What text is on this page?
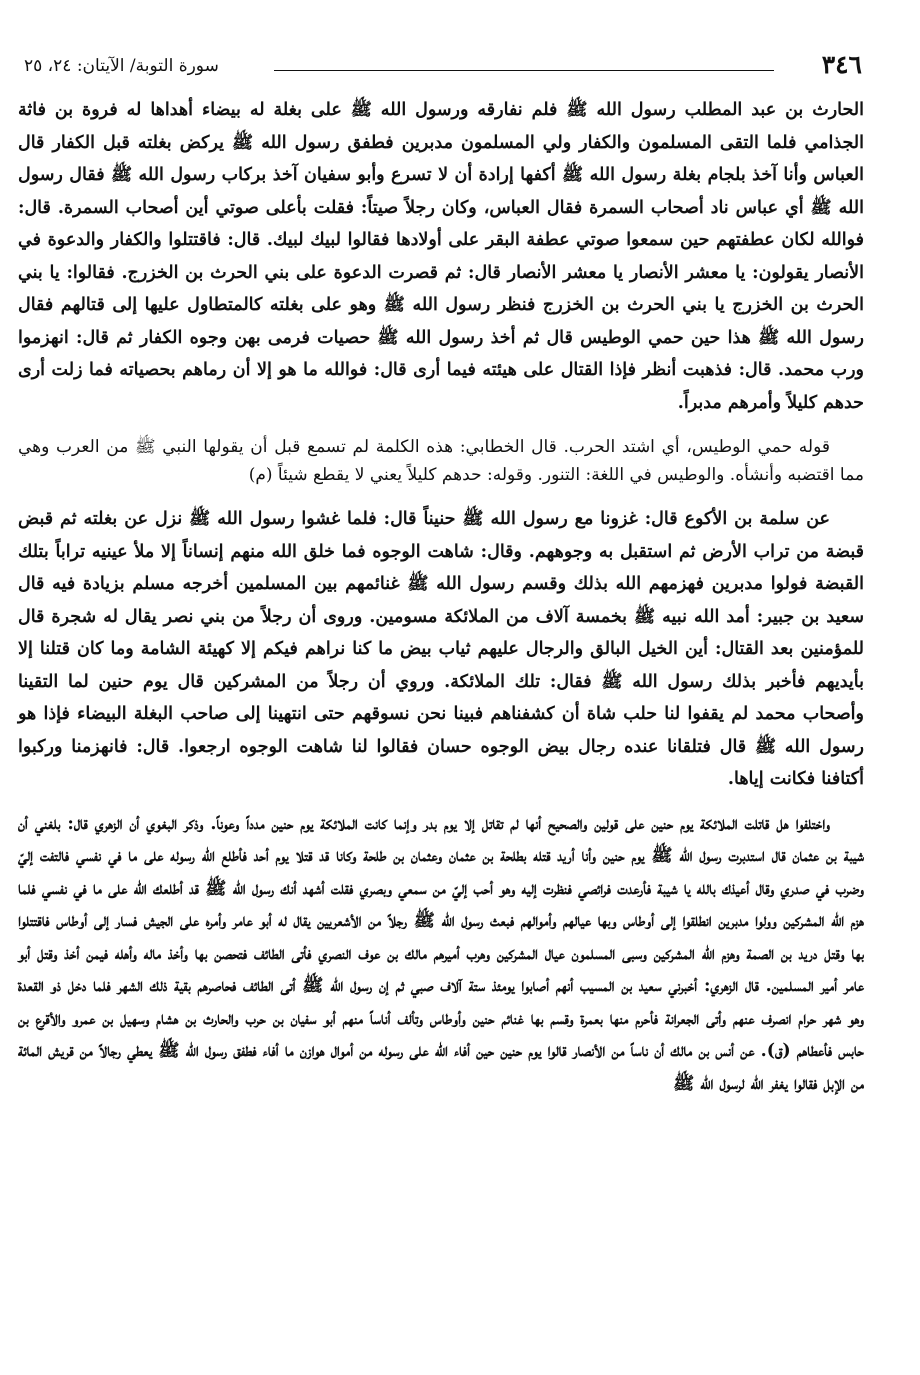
٣٤٦
سورة التوبة/ الآيتان: ٢٤، ٢٥

الحارث بن عبد المطلب رسول الله ﷺ فلم نفارقه ورسول الله ﷺ على بغلة له بيضاء أهداها له فروة بن فاثة الجذامي فلما التقى المسلمون والكفار ولي المسلمون مدبرين فطفق رسول الله ﷺ يركض بغلته قبل الكفار قال العباس وأنا آخذ بلجام بغلة رسول الله ﷺ أكفها إرادة أن لا تسرع وأبو سفيان آخذ بركاب رسول الله ﷺ فقال رسول الله ﷺ أي عباس ناد أصحاب السمرة فقال العباس، وكان رجلاً صيتاً: فقلت بأعلى صوتي أين أصحاب السمرة. قال: فوالله لكان عطفتهم حين سمعوا صوتي عطفة البقر على أولادها فقالوا لبيك لبيك. قال: فاقتتلوا والكفار والدعوة في الأنصار يقولون: يا معشر الأنصار يا معشر الأنصار قال: ثم قصرت الدعوة على بني الحرث بن الخزرج. فقالوا: يا بني الحرث بن الخزرج يا بني الحرث بن الخزرج فنظر رسول الله ﷺ وهو على بغلته كالمتطاول عليها إلى قتالهم فقال رسول الله ﷺ هذا حين حمي الوطيس قال ثم أخذ رسول الله ﷺ حصيات فرمى بهن وجوه الكفار ثم قال: انهزموا ورب محمد. قال: فذهبت أنظر فإذا القتال على هيئته فيما أرى قال: فوالله ما هو إلا أن رماهم بحصياته فما زلت أرى حدهم كليلاً وأمرهم مدبراً.

قوله حمي الوطيس، أي اشتد الحرب. قال الخطابي: هذه الكلمة لم تسمع قبل أن يقولها النبي ﷺ من العرب وهي مما اقتضبه وأنشأه. والوطيس في اللغة: التنور. وقوله: حدهم كليلاً يعني لا يقطع شيئاً (م)

عن سلمة بن الأكوع قال: غزونا مع رسول الله ﷺ حنيناً قال: فلما غشوا رسول الله ﷺ نزل عن بغلته ثم قبض قبضة من تراب الأرض ثم استقبل به وجوههم. وقال: شاهت الوجوه فما خلق الله منهم إنساناً إلا ملأ عينيه تراباً بتلك القبضة فولوا مدبرين فهزمهم الله بذلك وقسم رسول الله ﷺ غنائمهم بين المسلمين أخرجه مسلم بزيادة فيه قال سعيد بن جبير: أمد الله نبيه ﷺ بخمسة آلاف من الملائكة مسومين. وروى أن رجلاً من بني نصر يقال له شجرة قال للمؤمنين بعد القتال: أين الخيل البالق والرجال عليهم ثياب بيض ما كنا نراهم فيكم إلا كهيئة الشامة وما كان قتلنا إلا بأيديهم فأخبر بذلك رسول الله ﷺ فقال: تلك الملائكة. وروي أن رجلاً من المشركين قال يوم حنين لما التقينا وأصحاب محمد لم يقفوا لنا حلب شاة أن كشفناهم فبينا نحن نسوقهم حتى انتهينا إلى صاحب البغلة البيضاء فإذا هو رسول الله ﷺ قال فتلقانا عنده رجال بيض الوجوه حسان فقالوا لنا شاهت الوجوه ارجعوا. قال: فانهزمنا وركبوا أكتافنا فكانت إياها.

واختلفوا هل قاتلت الملائكة يوم حنين على قولين والصحيح أنها لم تقاتل إلا يوم بدر وإنما كانت الملائكة يوم حنين مدداً وعوناً. وذكر البغوي أن الزهري قال: بلغني أن شيبة بن عثمان قال استدبرت رسول الله ﷺ يوم حنين وأنا أريد قتله بطلحة بن عثمان وعثمان بن طلحة وكانا قد قتلا يوم أحد فأطلع الله رسوله على ما في نفسي فالتفت إليّ وضرب في صدري وقال أعيذك بالله يا شيبة فأرعدت فرائصي فنظرت إليه وهو أحب إليّ من سمعي وبصري فقلت أشهد أنك رسول الله ﷺ قد أطلعك الله على ما في نفسي فلما هزم الله المشركين وولوا مدبرين انطلقوا إلى أوطاس وبها عيالهم وأموالهم فبعث رسول الله ﷺ رجلاً من الأشعريين يقال له أبو عامر وأمره على الجيش فسار إلى أوطاس فاقتتلوا بها وقتل دريد بن الصمة وهزم الله المشركين وسبى المسلمون عيال المشركين وهرب أميرهم مالك بن عوف النصري فأتى الطائف فتحصن بها وأخذ ماله وأهله فيمن أخذ وقتل أبو عامر أمير المسلمين. قال الزهري: أخبرني سعيد بن المسيب أنهم أصابوا يومئذ ستة آلاف صبي ثم إن رسول الله ﷺ أتى الطائف فحاصرهم بقية ذلك الشهر فلما دخل ذو القعدة وهو شهر حرام انصرف عنهم وأتى الجعرانة فأحرم منها بعمرة وقسم بها غنائم حنين وأوطاس وتألف أناساً منهم أبو سفيان بن حرب والحارث بن هشام وسهيل بن عمرو والأقرع بن حابس فأعطاهم (ق). عن أنس بن مالك أن ناساً من الأنصار قالوا يوم حنين حين أفاء الله على رسوله من أموال هوازن ما أفاء فطفق رسول الله ﷺ يعطي رجالاً من قريش المائة من الإبل فقالوا يغفر الله لرسول الله ﷺ
